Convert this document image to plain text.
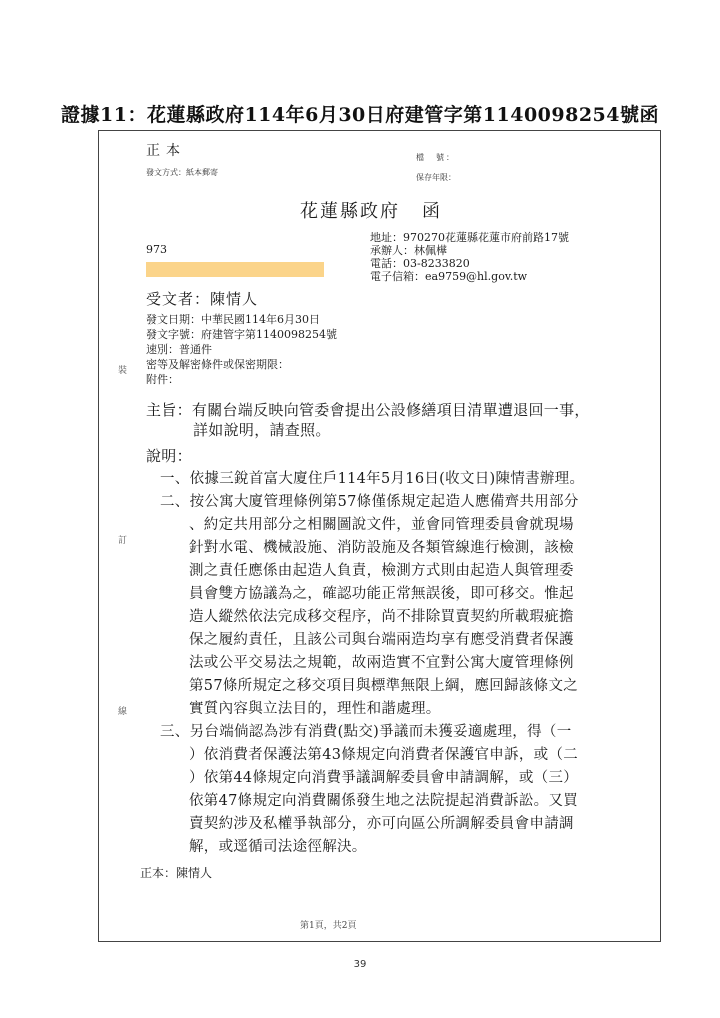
證據11：花蓮縣政府114年6月30日府建管字第1140098254號函
正本
發文方式：紙本郵寄
檔　號：
保存年限：
花蓮縣政府 函
973
地址：970270花蓮縣花蓮市府前路17號
承辦人：林佩樺
電話：03-8233820
電子信箱：ea9759@hl.gov.tw
受文者：陳情人
發文日期：中華民國114年6月30日
發文字號：府建管字第1140098254號
速別：普通件
密等及解密條件或保密期限：
附件：
裝
訂
線
主旨：有關台端反映向管委會提出公設修繕項目清單遭退回一事，
詳如說明，請查照。
說明：
一、依據三銳首富大廈住戶114年5月16日(收文日)陳情書辦理。
二、按公寓大廈管理條例第57條僅係規定起造人應備齊共用部分
、約定共用部分之相關圖說文件，並會同管理委員會就現場
針對水電、機械設施、消防設施及各類管線進行檢測，該檢
測之責任應係由起造人負責，檢測方式則由起造人與管理委
員會雙方協議為之，確認功能正常無誤後，即可移交。惟起
造人縱然依法完成移交程序，尚不排除買賣契約所載瑕疵擔
保之履約責任，且該公司與台端兩造均享有應受消費者保護
法或公平交易法之規範，故兩造實不宜對公寓大廈管理條例
第57條所規定之移交項目與標準無限上綱，應回歸該條文之
實質內容與立法目的，理性和諧處理。
三、另台端倘認為涉有消費(點交)爭議而未獲妥適處理，得（一
）依消費者保護法第43條規定向消費者保護官申訴，或（二
）依第44條規定向消費爭議調解委員會申請調解，或（三）
依第47條規定向消費關係發生地之法院提起消費訴訟。又買
賣契約涉及私權爭執部分，亦可向區公所調解委員會申請調
解，或逕循司法途徑解決。
正本：陳情人
第1頁，共2頁
39
